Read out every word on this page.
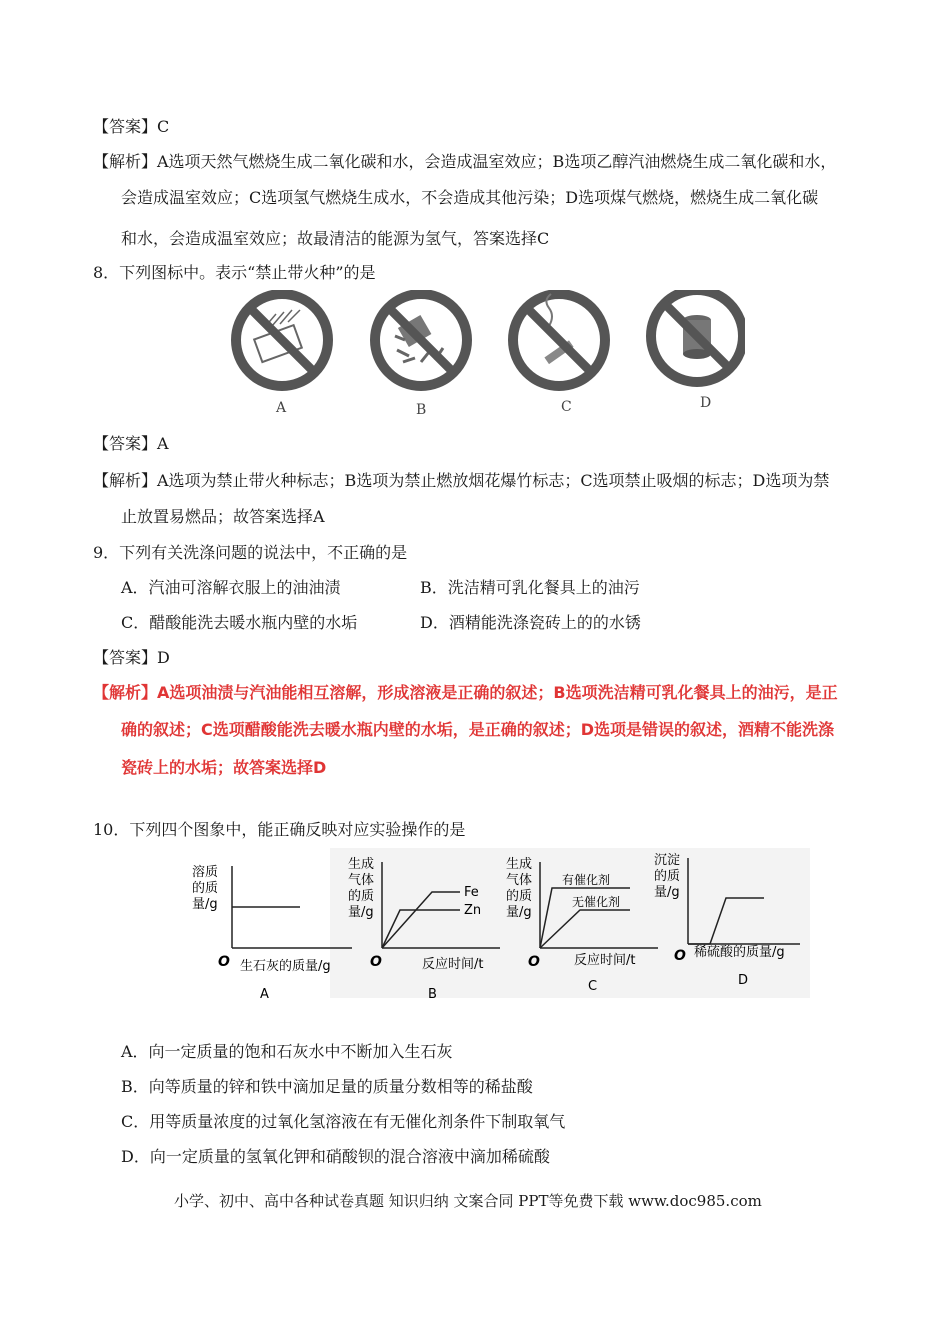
【答案】C
【解析】A选项天然气燃烧生成二氧化碳和水，会造成温室效应；B选项乙醇汽油燃烧生成二氧化碳和水，
会造成温室效应；C选项氢气燃烧生成水，不会造成其他污染；D选项煤气燃烧，燃烧生成二氧化碳
和水，会造成温室效应；故最清洁的能源为氢气，答案选择C
8．下列图标中。表示“禁止带火种”的是
A	B	C	D
【答案】A
【解析】A选项为禁止带火种标志；B选项为禁止燃放烟花爆竹标志；C选项禁止吸烟的标志；D选项为禁
止放置易燃品；故答案选择A
9．下列有关洗涤问题的说法中，不正确的是
A．汽油可溶解衣服上的油油渍	B．洗洁精可乳化餐具上的油污
C．醋酸能洗去暖水瓶内壁的水垢	D．酒精能洗涤瓷砖上的的水锈
【答案】D
【解析】A选项油渍与汽油能相互溶解，形成溶液是正确的叙述；B选项洗洁精可乳化餐具上的油污，是正
确的叙述；C选项醋酸能洗去暖水瓶内壁的水垢，是正确的叙述；D选项是错误的叙述，酒精不能洗涤
瓷砖上的水垢；故答案选择D
10．下列四个图象中，能正确反映对应实验操作的是
溶质
的质
量/g
O 生石灰的质量/g
A
生成
气体
的质
量/g
Fe
Zn
O	反应时间/t
B
生成
气体
的质
量/g
有催化剂
无催化剂
O	反应时间/t
C
沉淀
的质
量/g
O 稀硫酸的质量/g
D
A．向一定质量的饱和石灰水中不断加入生石灰
B．向等质量的锌和铁中滴加足量的质量分数相等的稀盐酸
C．用等质量浓度的过氧化氢溶液在有无催化剂条件下制取氧气
D．向一定质量的氢氧化钾和硝酸钡的混合溶液中滴加稀硫酸
小学、初中、高中各种试卷真题 知识归纳 文案合同 PPT等免费下载 www.doc985.com
